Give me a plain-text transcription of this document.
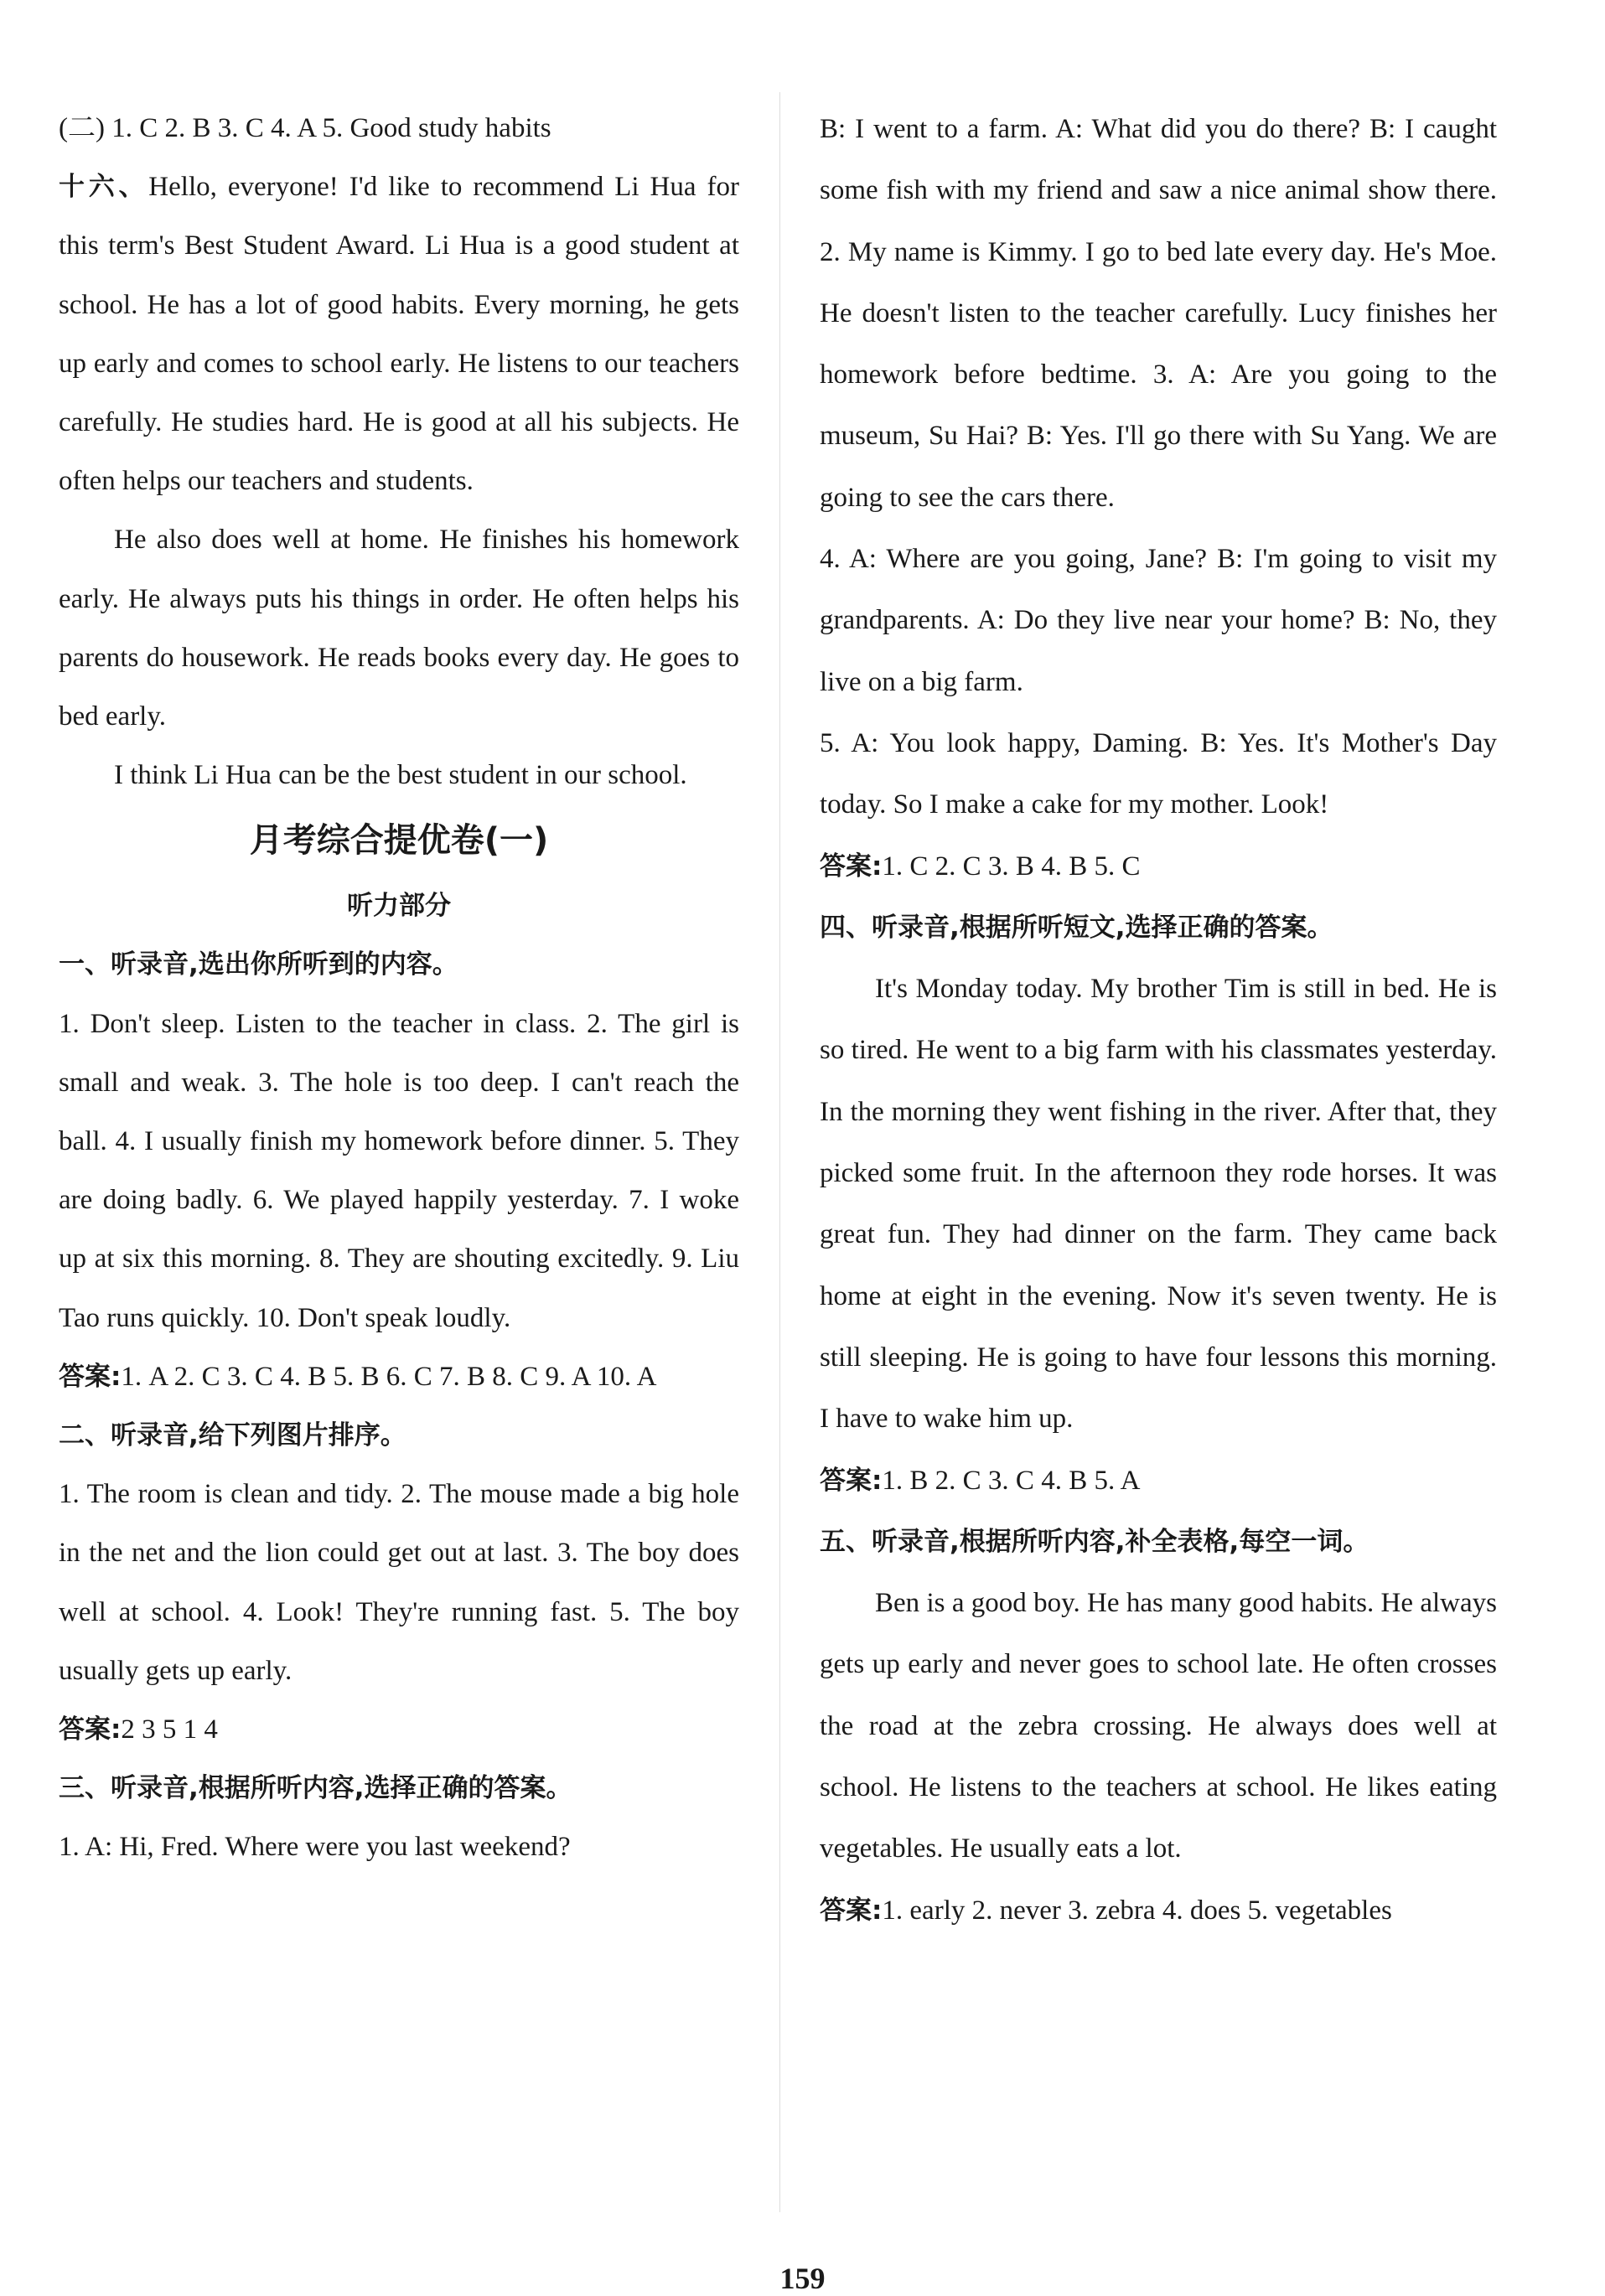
(二) 1. C 2. B 3. C 4. A 5. Good study habits

十六、Hello, everyone! I'd like to recommend Li Hua for this term's Best Student Award. Li Hua is a good student at school. He has a lot of good habits. Every morning, he gets up early and comes to school early. He listens to our teachers carefully. He studies hard. He is good at all his subjects. He often helps our teachers and students.

He also does well at home. He finishes his homework early. He always puts his things in order. He often helps his parents do housework. He reads books every day. He goes to bed early.

I think Li Hua can be the best student in our school.

月考综合提优卷(一)
听力部分

一、听录音,选出你所听到的内容。

1. Don't sleep. Listen to the teacher in class. 2. The girl is small and weak. 3. The hole is too deep. I can't reach the ball. 4. I usually finish my homework before dinner. 5. They are doing badly. 6. We played happily yesterday. 7. I woke up at six this morning. 8. They are shouting excitedly. 9. Liu Tao runs quickly. 10. Don't speak loudly.

答案:1. A 2. C 3. C 4. B 5. B 6. C 7. B 8. C 9. A 10. A

二、听录音,给下列图片排序。

1. The room is clean and tidy. 2. The mouse made a big hole in the net and the lion could get out at last. 3. The boy does well at school. 4. Look! They're running fast. 5. The boy usually gets up early.

答案:2 3 5 1 4

三、听录音,根据所听内容,选择正确的答案。

1. A: Hi, Fred. Where were you last weekend?

B: I went to a farm. A: What did you do there? B: I caught some fish with my friend and saw a nice animal show there. 2. My name is Kimmy. I go to bed late every day. He's Moe. He doesn't listen to the teacher carefully. Lucy finishes her homework before bedtime. 3. A: Are you going to the museum, Su Hai? B: Yes. I'll go there with Su Yang. We are going to see the cars there.

4. A: Where are you going, Jane? B: I'm going to visit my grandparents. A: Do they live near your home? B: No, they live on a big farm.

5. A: You look happy, Daming. B: Yes. It's Mother's Day today. So I make a cake for my mother. Look!

答案:1. C 2. C 3. B 4. B 5. C

四、听录音,根据所听短文,选择正确的答案。

It's Monday today. My brother Tim is still in bed. He is so tired. He went to a big farm with his classmates yesterday. In the morning they went fishing in the river. After that, they picked some fruit. In the afternoon they rode horses. It was great fun. They had dinner on the farm. They came back home at eight in the evening. Now it's seven twenty. He is still sleeping. He is going to have four lessons this morning. I have to wake him up.

答案:1. B 2. C 3. C 4. B 5. A

五、听录音,根据所听内容,补全表格,每空一词。

Ben is a good boy. He has many good habits. He always gets up early and never goes to school late. He often crosses the road at the zebra crossing. He always does well at school. He listens to the teachers at school. He likes eating vegetables. He usually eats a lot.

答案:1. early 2. never 3. zebra 4. does 5. vegetables

159
